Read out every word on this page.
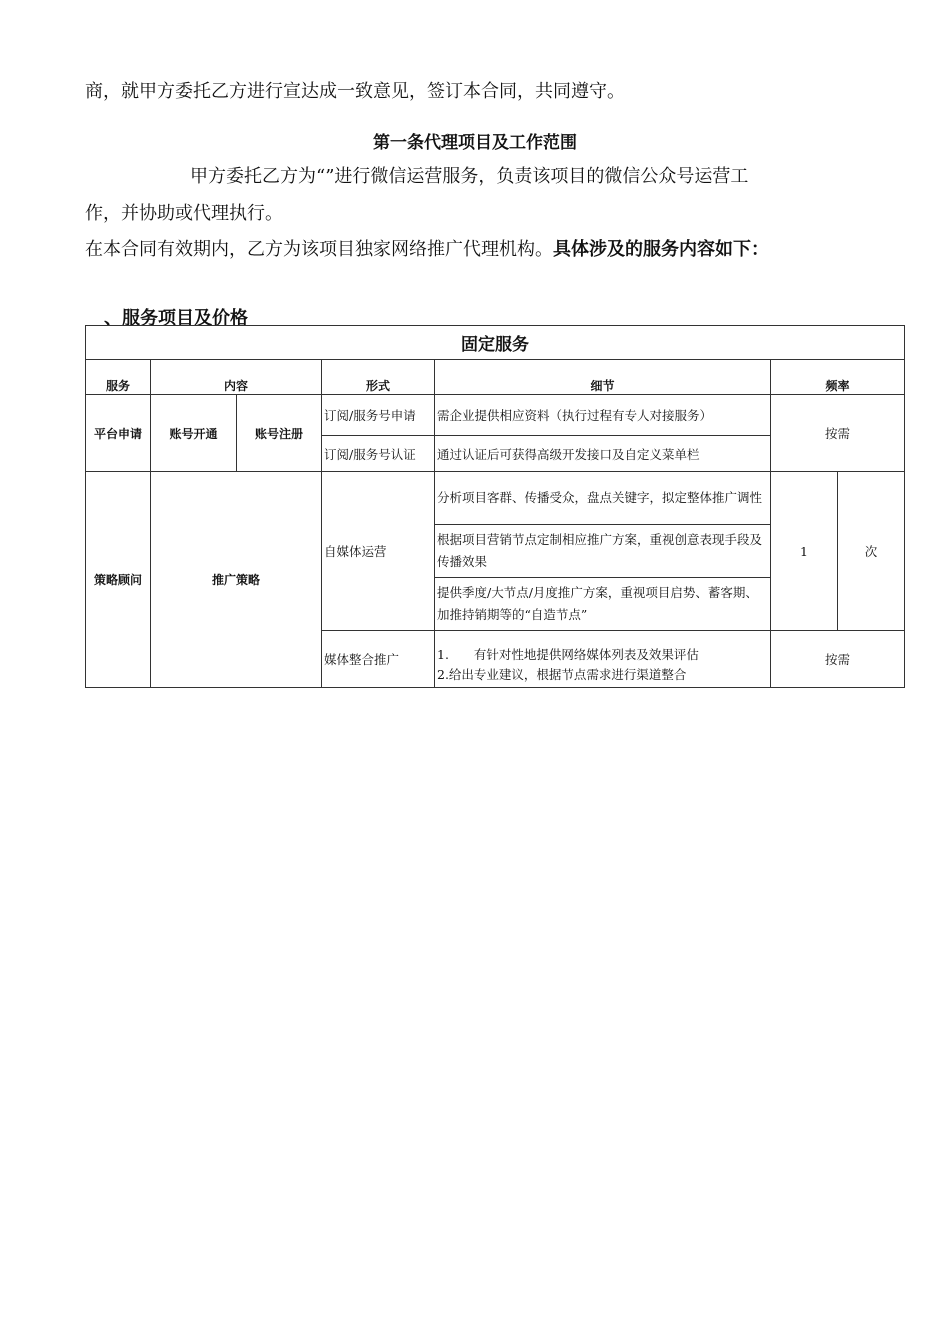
商，就甲方委托乙方进行宣达成一致意见，签订本合同，共同遵守。
第一条代理项目及工作范围
甲方委托乙方为“”进行微信运营服务，负责该项目的微信公众号运营工
作，并协助或代理执行。
在本合同有效期内，乙方为该项目独家网络推广代理机构。具体涉及的服务内容如下：
、服务项目及价格
固定服务						
服务	内容		形式	细节	频率	
平台申请	账号开通	账号注册	订阅/服务号申请	需企业提供相应资料（执行过程有专人对接服务）	按需	
			订阅/服务号认证	通过认证后可获得高级开发接口及自定义菜单栏		
策略顾问	推广策略		自媒体运营	分析项目客群、传播受众，盘点关键字，拟定整体推广调性	1	次
				根据项目营销节点定制相应推广方案，重视创意表现手段及传播效果		
				提供季度/大节点/月度推广方案，重视项目启势、蓄客期、加推持销期等的“自造节点”		
			媒体整合推广	1.　　有针对性地提供网络媒体列表及效果评估
2.给出专业建议，根据节点需求进行渠道整合	按需	
